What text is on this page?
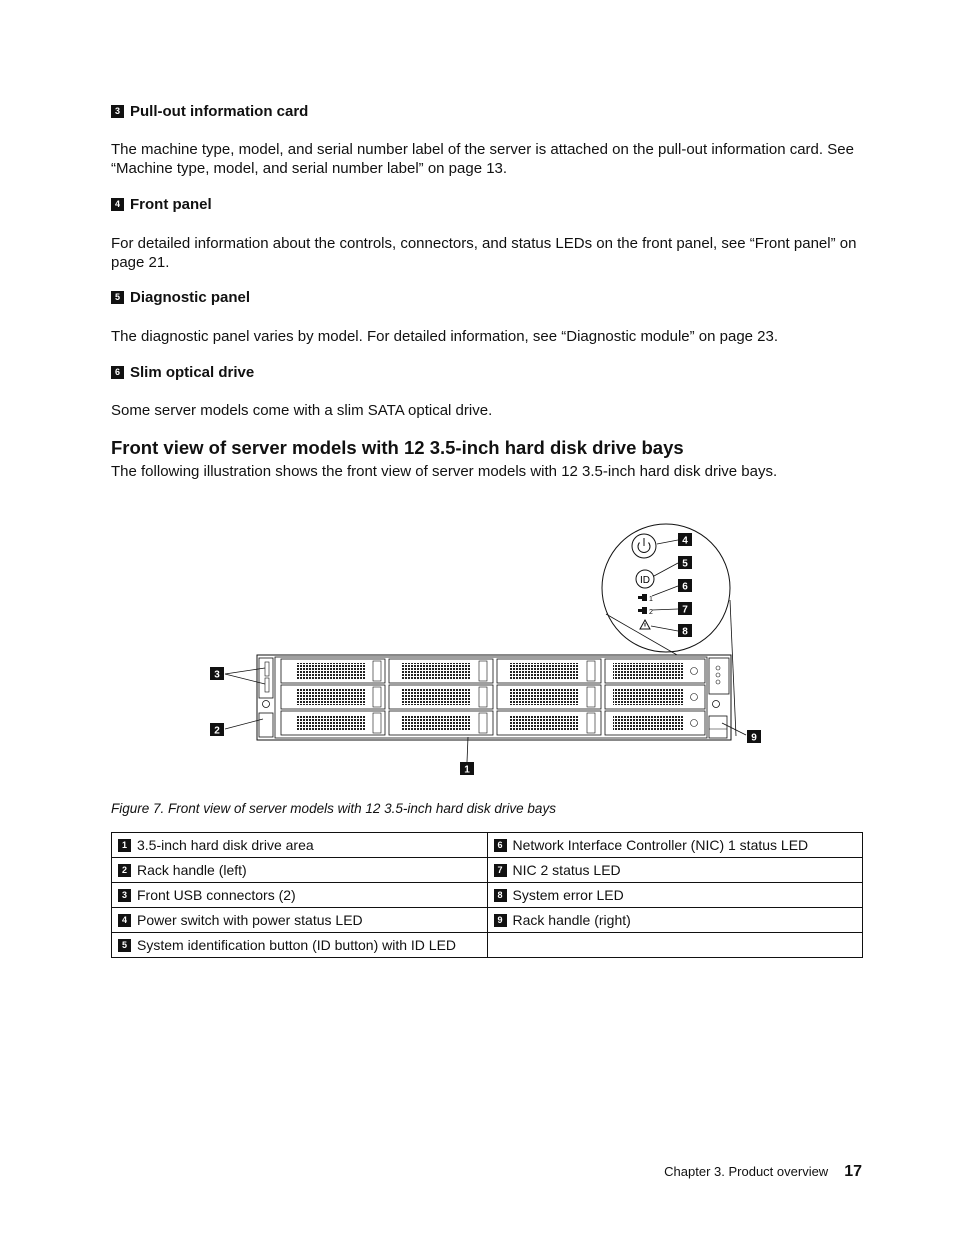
3 Pull-out information card

The machine type, model, and serial number label of the server is attached on the pull-out information card. See “Machine type, model, and serial number label” on page 13.

4 Front panel

For detailed information about the controls, connectors, and status LEDs on the front panel, see “Front panel” on page 21.

5 Diagnostic panel

The diagnostic panel varies by model. For detailed information, see “Diagnostic module” on page 23.

6 Slim optical drive

Some server models come with a slim SATA optical drive.

Front view of server models with 12 3.5-inch hard disk drive bays

The following illustration shows the front view of server models with 12 3.5-inch hard disk drive bays.

ID
1
2
4
5
6
7
8
3
2
1
9

Figure 7. Front view of server models with 12 3.5-inch hard disk drive bays

1 3.5-inch hard disk drive area	6 Network Interface Controller (NIC) 1 status LED
2 Rack handle (left)	7 NIC 2 status LED
3 Front USB connectors (2)	8 System error LED
4 Power switch with power status LED	9 Rack handle (right)
5 System identification button (ID button) with ID LED	
Chapter 3. Product overview 17
